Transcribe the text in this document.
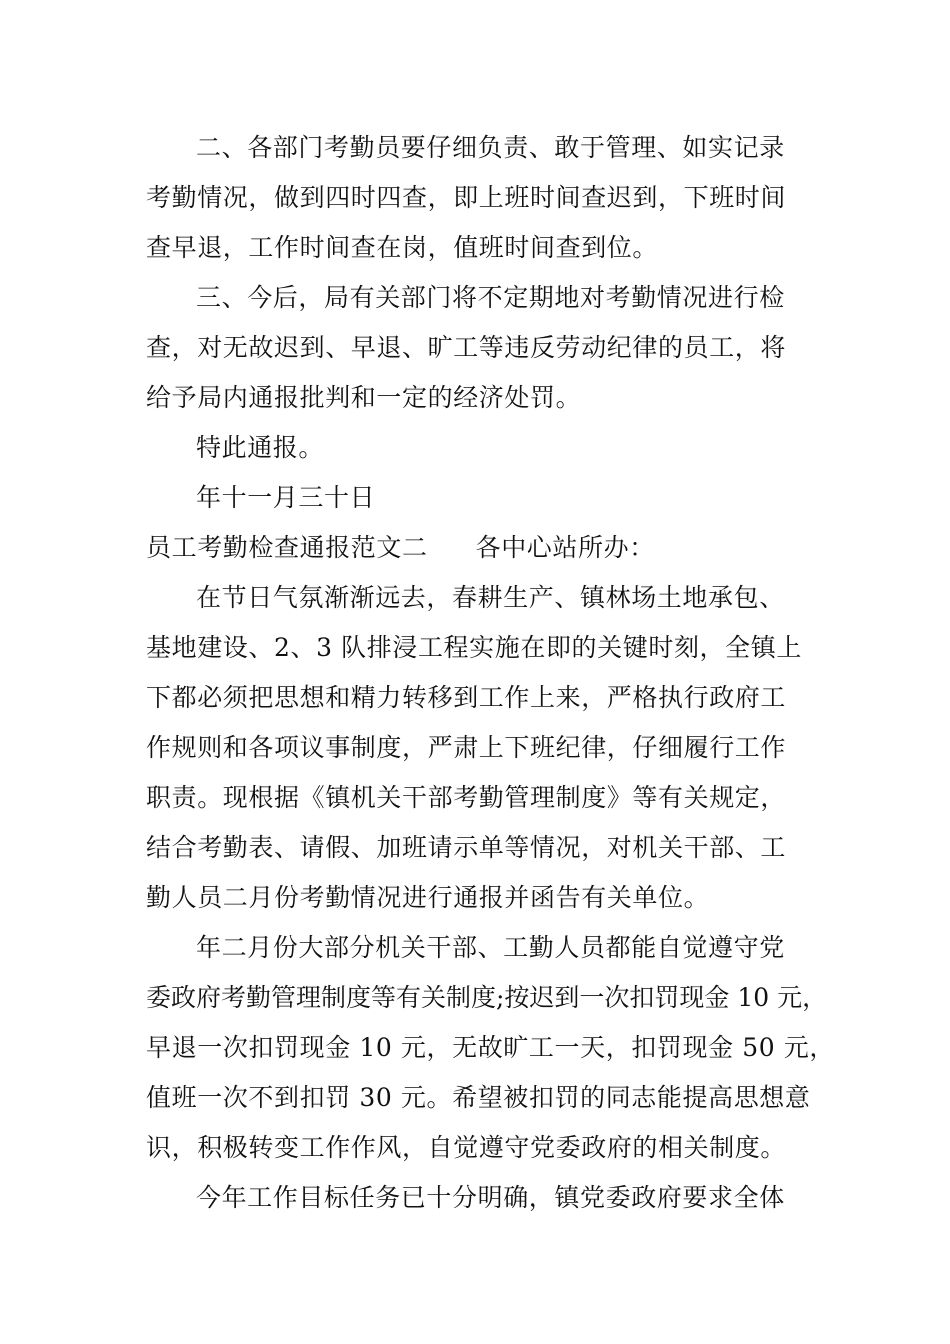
二、各部门考勤员要仔细负责、敢于管理、如实记录
考勤情况，做到四时四查，即上班时间查迟到，下班时间
查早退，工作时间查在岗，值班时间查到位。
三、今后，局有关部门将不定期地对考勤情况进行检
查，对无故迟到、早退、旷工等违反劳动纪律的员工，将
给予局内通报批判和一定的经济处罚。
特此通报。
年十一月三十日
员工考勤检查通报范文二 各中心站所办：
在节日气氛渐渐远去，春耕生产、镇林场土地承包、
基地建设、2、3 队排浸工程实施在即的关键时刻，全镇上
下都必须把思想和精力转移到工作上来，严格执行政府工
作规则和各项议事制度，严肃上下班纪律，仔细履行工作
职责。现根据《镇机关干部考勤管理制度》等有关规定，
结合考勤表、请假、加班请示单等情况，对机关干部、工
勤人员二月份考勤情况进行通报并函告有关单位。
年二月份大部分机关干部、工勤人员都能自觉遵守党
委政府考勤管理制度等有关制度;按迟到一次扣罚现金 10 元，
早退一次扣罚现金 10 元，无故旷工一天，扣罚现金 50 元，
值班一次不到扣罚 30 元。希望被扣罚的同志能提高思想意
识，积极转变工作作风，自觉遵守党委政府的相关制度。
今年工作目标任务已十分明确，镇党委政府要求全体
